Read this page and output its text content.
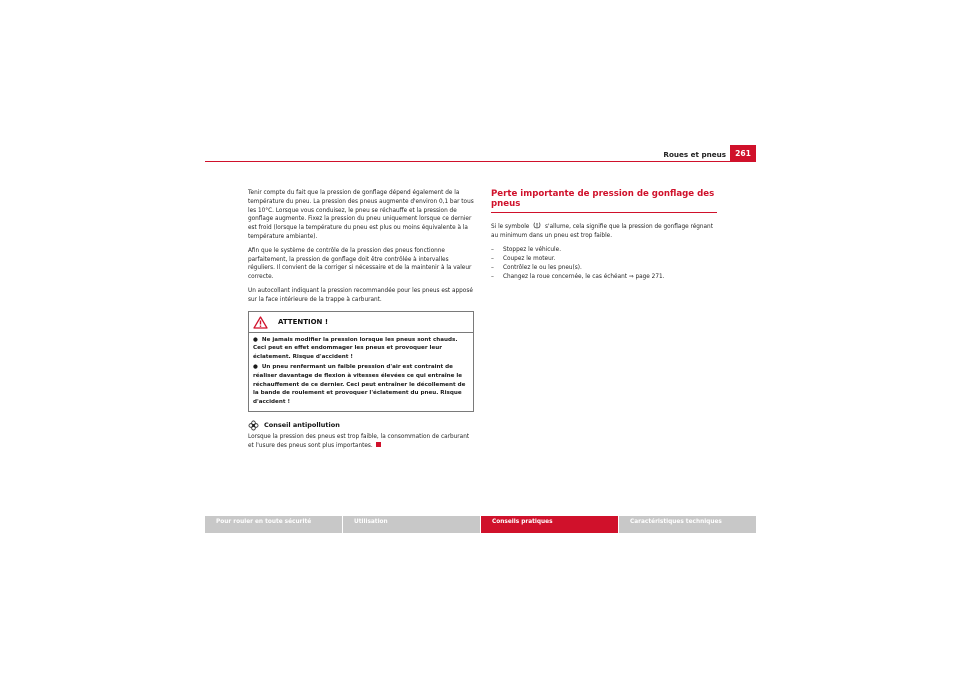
Roues et pneus	261

Tenir compte du fait que la pression de gonflage dépend également de la température du pneu. La pression des pneus augmente d'environ 0,1 bar tous les 10°C. Lorsque vous conduisez, le pneu se réchauffe et la pression de gonflage augmente. Fixez la pression du pneu uniquement lorsque ce dernier est froid (lorsque la température du pneu est plus ou moins équivalente à la température ambiante).

Afin que le système de contrôle de la pression des pneus fonctionne parfaitement, la pression de gonflage doit être contrôlée à intervalles réguliers. Il convient de la corriger si nécessaire et de la maintenir à la valeur correcte.

Un autocollant indiquant la pression recommandée pour les pneus est apposé sur la face intérieure de la trappe à carburant.

ATTENTION !
● Ne jamais modifier la pression lorsque les pneus sont chauds. Ceci peut en effet endommager les pneus et provoquer leur éclatement. Risque d'accident !
● Un pneu renfermant un faible pression d'air est contraint de réaliser davantage de flexion à vitesses élevées ce qui entraîne le réchauffement de ce dernier. Ceci peut entraîner le décollement de la bande de roulement et provoquer l'éclatement du pneu. Risque d'accident !
Conseil antipollution

Lorsque la pression des pneus est trop faible, la consommation de carburant et l'usure des pneus sont plus importantes.

Perte importante de pression de gonflage des pneus

Si le symbole	s'allume, cela signifie que la pression de gonflage régnant au minimum dans un pneu est trop faible.

–	Stoppez le véhicule.
–	Coupez le moteur.
–	Contrôlez le ou les pneu(s).
–	Changez la roue concernée, le cas échéant ⇒ page 271.
Pour rouler en toute sécurité	Utilisation	Conseils pratiques	Caractéristiques techniques
